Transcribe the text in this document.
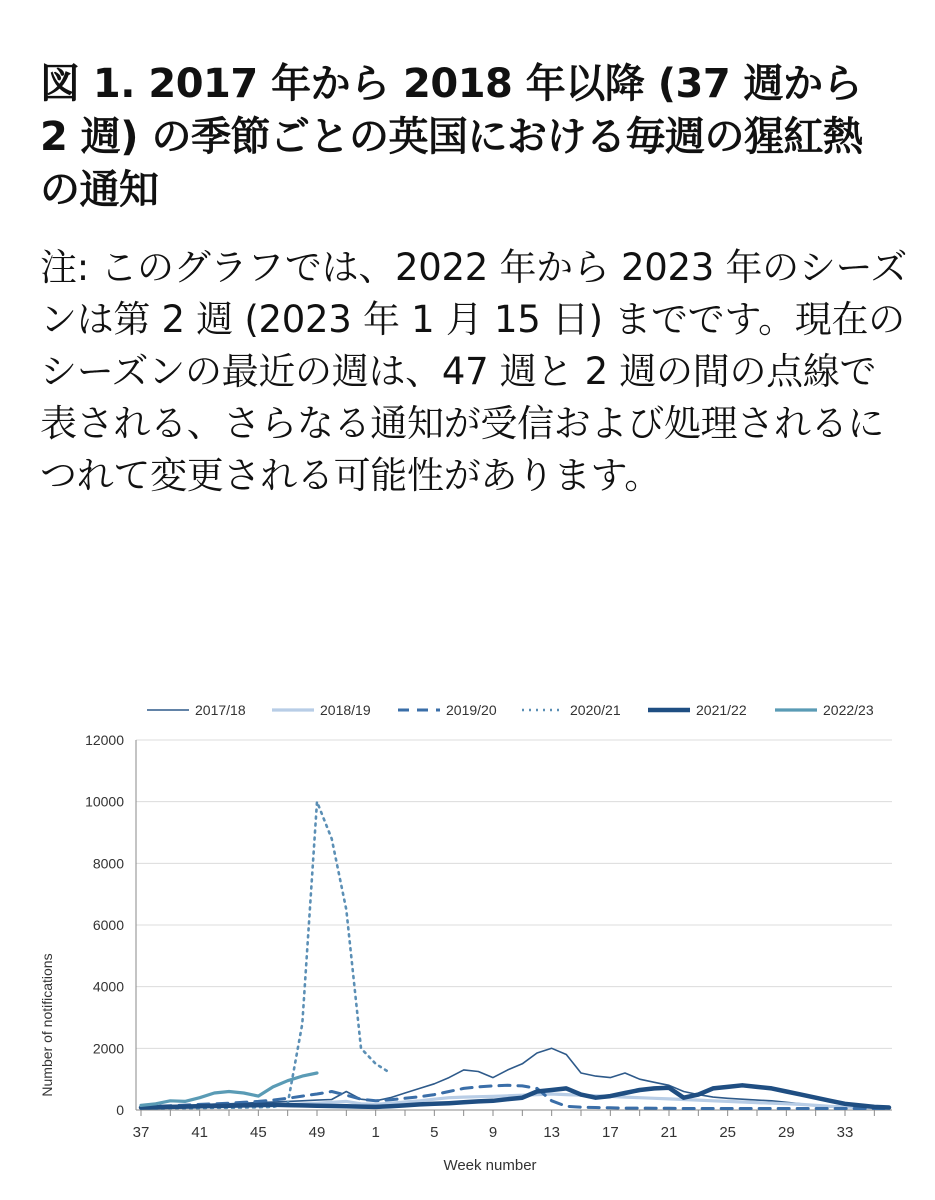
図 1. 2017 年から 2018 年以降 (37 週から 2 週) の季節ごとの英国における毎週の猩紅熱の通知

注: このグラフでは、2022 年から 2023 年のシーズンは第 2 週 (2023 年 1 月 15 日) までです。現在のシーズンの最近の週は、47 週と 2 週の間の点線で表される、さらなる通知が受信および処理されるにつれて変更される可能性があります。

2017/18	2018/19	2019/20	2020/21	2021/22	2022/23
0
2000
4000
6000
8000
10000
12000
37	41	45	49	1	5	9	13	17	21	25	29	33
Number of notifications
Week number
